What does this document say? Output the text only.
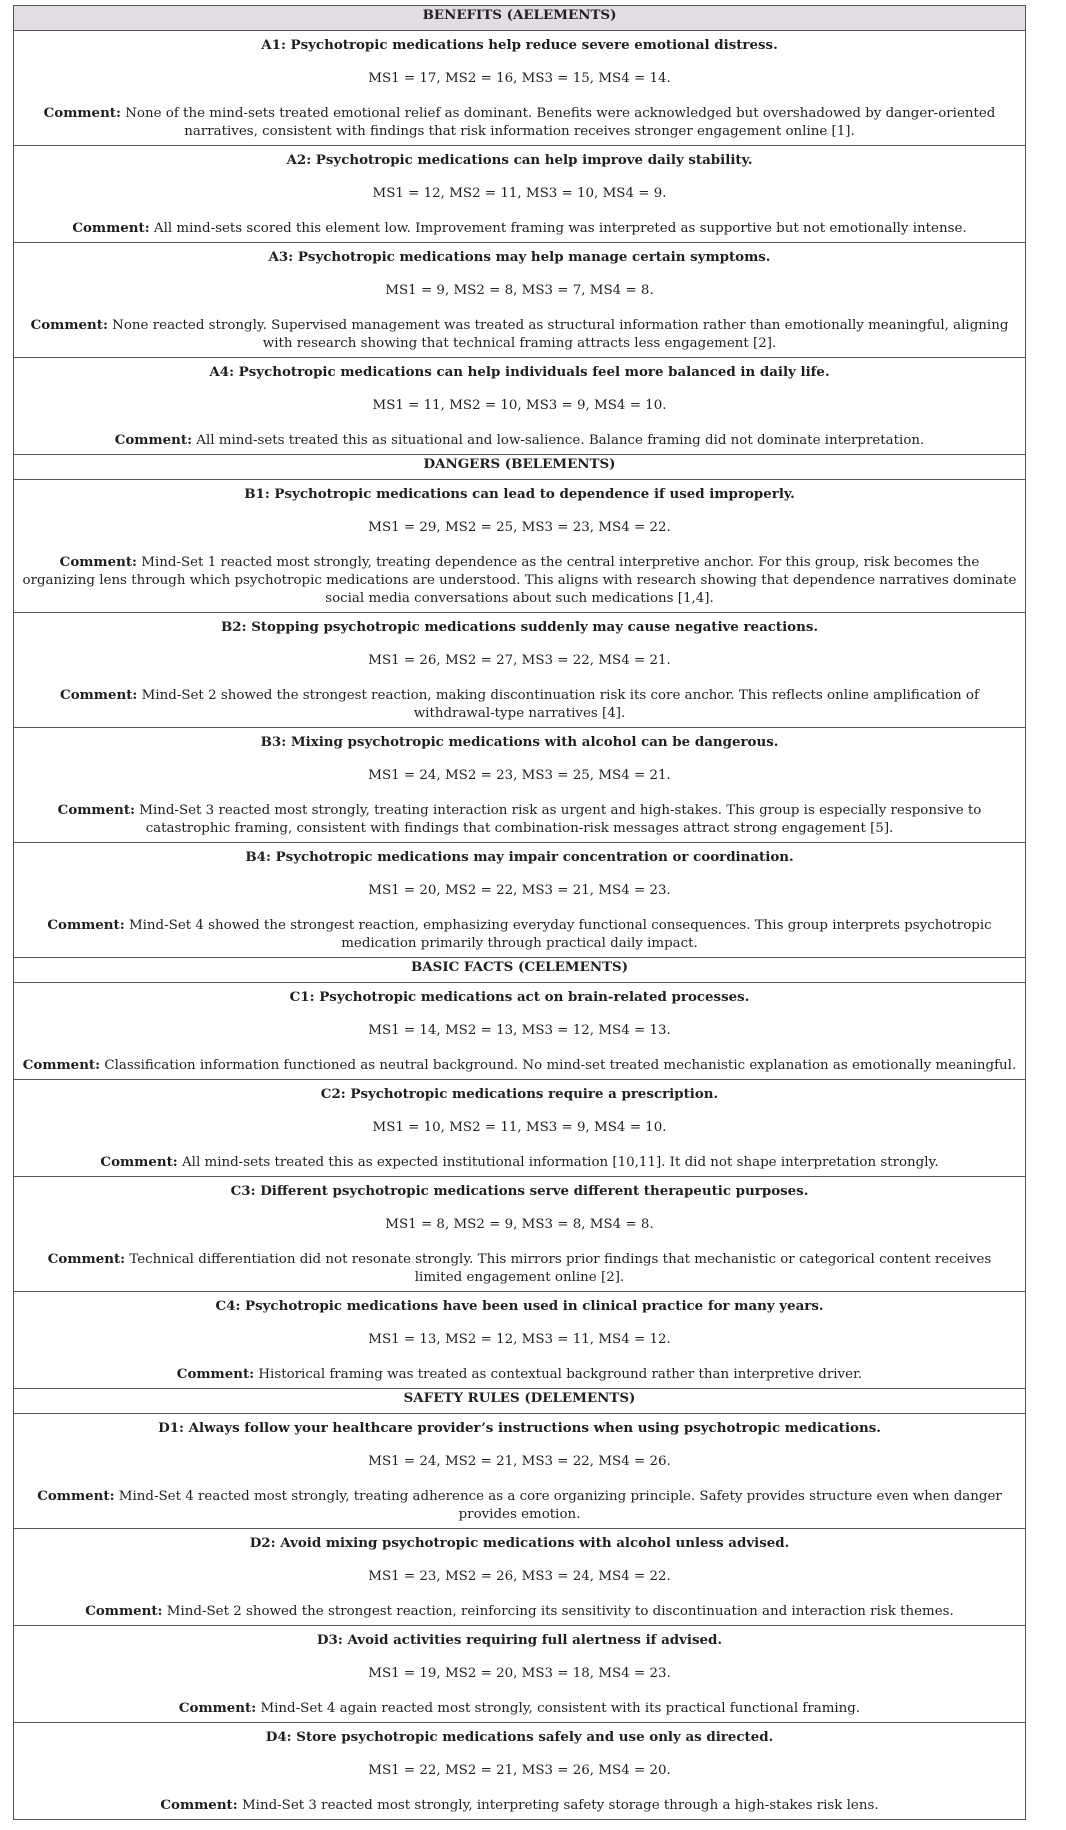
BENEFITS (AELEMENTS)

A1: Psychotropic medications help reduce severe emotional distress.
MS1 = 17, MS2 = 16, MS3 = 15, MS4 = 14.
Comment: None of the mind-sets treated emotional relief as dominant. Benefits were acknowledged but overshadowed by danger-oriented narratives, consistent with findings that risk information receives stronger engagement online [1].

A2: Psychotropic medications can help improve daily stability.
MS1 = 12, MS2 = 11, MS3 = 10, MS4 = 9.
Comment: All mind-sets scored this element low. Improvement framing was interpreted as supportive but not emotionally intense.

A3: Psychotropic medications may help manage certain symptoms.
MS1 = 9, MS2 = 8, MS3 = 7, MS4 = 8.
Comment: None reacted strongly. Supervised management was treated as structural information rather than emotionally meaningful, aligning with research showing that technical framing attracts less engagement [2].

A4: Psychotropic medications can help individuals feel more balanced in daily life.
MS1 = 11, MS2 = 10, MS3 = 9, MS4 = 10.
Comment: All mind-sets treated this as situational and low-salience. Balance framing did not dominate interpretation.

DANGERS (BELEMENTS)

B1: Psychotropic medications can lead to dependence if used improperly.
MS1 = 29, MS2 = 25, MS3 = 23, MS4 = 22.
Comment: Mind-Set 1 reacted most strongly, treating dependence as the central interpretive anchor. For this group, risk becomes the organizing lens through which psychotropic medications are understood. This aligns with research showing that dependence narratives dominate social media conversations about such medications [1,4].

B2: Stopping psychotropic medications suddenly may cause negative reactions.
MS1 = 26, MS2 = 27, MS3 = 22, MS4 = 21.
Comment: Mind-Set 2 showed the strongest reaction, making discontinuation risk its core anchor. This reflects online amplification of withdrawal-type narratives [4].

B3: Mixing psychotropic medications with alcohol can be dangerous.
MS1 = 24, MS2 = 23, MS3 = 25, MS4 = 21.
Comment: Mind-Set 3 reacted most strongly, treating interaction risk as urgent and high-stakes. This group is especially responsive to catastrophic framing, consistent with findings that combination-risk messages attract strong engagement [5].

B4: Psychotropic medications may impair concentration or coordination.
MS1 = 20, MS2 = 22, MS3 = 21, MS4 = 23.
Comment: Mind-Set 4 showed the strongest reaction, emphasizing everyday functional consequences. This group interprets psychotropic medication primarily through practical daily impact.

BASIC FACTS (CELEMENTS)

C1: Psychotropic medications act on brain-related processes.
MS1 = 14, MS2 = 13, MS3 = 12, MS4 = 13.
Comment: Classification information functioned as neutral background. No mind-set treated mechanistic explanation as emotionally meaningful.

C2: Psychotropic medications require a prescription.
MS1 = 10, MS2 = 11, MS3 = 9, MS4 = 10.
Comment: All mind-sets treated this as expected institutional information [10,11]. It did not shape interpretation strongly.

C3: Different psychotropic medications serve different therapeutic purposes.
MS1 = 8, MS2 = 9, MS3 = 8, MS4 = 8.
Comment: Technical differentiation did not resonate strongly. This mirrors prior findings that mechanistic or categorical content receives limited engagement online [2].

C4: Psychotropic medications have been used in clinical practice for many years.
MS1 = 13, MS2 = 12, MS3 = 11, MS4 = 12.
Comment: Historical framing was treated as contextual background rather than interpretive driver.

SAFETY RULES (DELEMENTS)

D1: Always follow your healthcare provider’s instructions when using psychotropic medications.
MS1 = 24, MS2 = 21, MS3 = 22, MS4 = 26.
Comment: Mind-Set 4 reacted most strongly, treating adherence as a core organizing principle. Safety provides structure even when danger provides emotion.

D2: Avoid mixing psychotropic medications with alcohol unless advised.
MS1 = 23, MS2 = 26, MS3 = 24, MS4 = 22.
Comment: Mind-Set 2 showed the strongest reaction, reinforcing its sensitivity to discontinuation and interaction risk themes.

D3: Avoid activities requiring full alertness if advised.
MS1 = 19, MS2 = 20, MS3 = 18, MS4 = 23.
Comment: Mind-Set 4 again reacted most strongly, consistent with its practical functional framing.

D4: Store psychotropic medications safely and use only as directed.
MS1 = 22, MS2 = 21, MS3 = 26, MS4 = 20.
Comment: Mind-Set 3 reacted most strongly, interpreting safety storage through a high-stakes risk lens.
